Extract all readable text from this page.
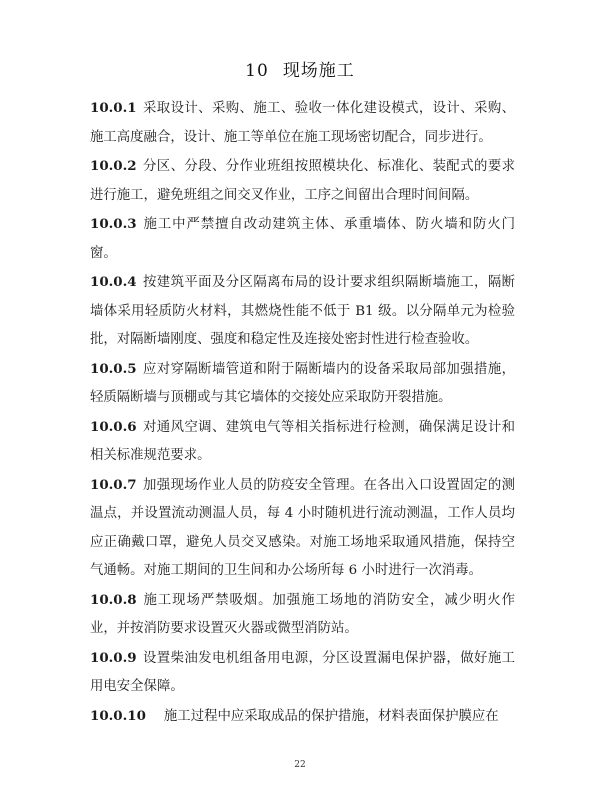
10 现场施工

10.0.1 采取设计、采购、施工、验收一体化建设模式，设计、采购、施工高度融合，设计、施工等单位在施工现场密切配合，同步进行。

10.0.2 分区、分段、分作业班组按照模块化、标准化、装配式的要求进行施工，避免班组之间交叉作业，工序之间留出合理时间间隔。

10.0.3 施工中严禁擅自改动建筑主体、承重墙体、防火墙和防火门窗。

10.0.4 按建筑平面及分区隔离布局的设计要求组织隔断墙施工，隔断墙体采用轻质防火材料，其燃烧性能不低于 B1 级。以分隔单元为检验批，对隔断墙刚度、强度和稳定性及连接处密封性进行检查验收。

10.0.5 应对穿隔断墙管道和附于隔断墙内的设备采取局部加强措施，轻质隔断墙与顶棚或与其它墙体的交接处应采取防开裂措施。

10.0.6 对通风空调、建筑电气等相关指标进行检测，确保满足设计和相关标准规范要求。

10.0.7 加强现场作业人员的防疫安全管理。在各出入口设置固定的测温点，并设置流动测温人员，每 4 小时随机进行流动测温，工作人员均应正确戴口罩，避免人员交叉感染。对施工场地采取通风措施，保持空气通畅。对施工期间的卫生间和办公场所每 6 小时进行一次消毒。

10.0.8 施工现场严禁吸烟。加强施工场地的消防安全，减少明火作业，并按消防要求设置灭火器或微型消防站。

10.0.9 设置柴油发电机组备用电源，分区设置漏电保护器，做好施工用电安全保障。

10.0.10 施工过程中应采取成品的保护措施，材料表面保护膜应在

22
